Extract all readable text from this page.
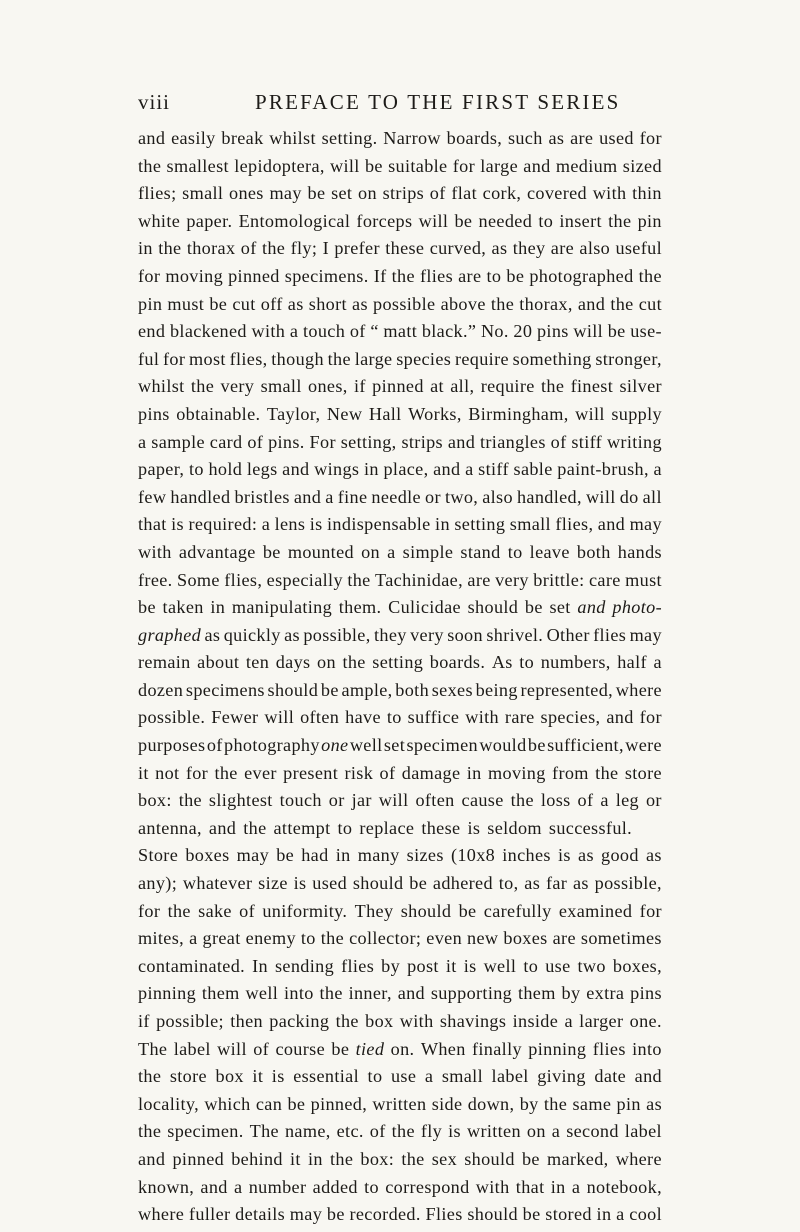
viii	PREFACE TO THE FIRST SERIES
and easily break whilst setting. Narrow boards, such as are used for
the smallest lepidoptera, will be suitable for large and medium sized
flies; small ones may be set on strips of flat cork, covered with thin
white paper. Entomological forceps will be needed to insert the pin
in the thorax of the fly; I prefer these curved, as they are also useful
for moving pinned specimens. If the flies are to be photographed the
pin must be cut off as short as possible above the thorax, and the cut
end blackened with a touch of “ matt black.” No. 20 pins will be use-
ful for most flies, though the large species require something stronger,
whilst the very small ones, if pinned at all, require the finest silver
pins obtainable. Taylor, New Hall Works, Birmingham, will supply
a sample card of pins. For setting, strips and triangles of stiff writing
paper, to hold legs and wings in place, and a stiff sable paint-brush, a
few handled bristles and a fine needle or two, also handled, will do all
that is required: a lens is indispensable in setting small flies, and may
with advantage be mounted on a simple stand to leave both hands
free. Some flies, especially the Tachinidae, are very brittle: care must
be taken in manipulating them. Culicidae should be set and photo-
graphed as quickly as possible, they very soon shrivel. Other flies may
remain about ten days on the setting boards. As to numbers, half a
dozen specimens should be ample, both sexes being represented, where
possible. Fewer will often have to suffice with rare species, and for
purposes of photography one well set specimen would be sufficient, were
it not for the ever present risk of damage in moving from the store
box: the slightest touch or jar will often cause the loss of a leg or
antenna, and the attempt to replace these is seldom successful.
Store boxes may be had in many sizes (10x8 inches is as good as
any); whatever size is used should be adhered to, as far as possible,
for the sake of uniformity. They should be carefully examined for
mites, a great enemy to the collector; even new boxes are sometimes
contaminated. In sending flies by post it is well to use two boxes,
pinning them well into the inner, and supporting them by extra pins
if possible; then packing the box with shavings inside a larger one.
The label will of course be tied on. When finally pinning flies into
the store box it is essential to use a small label giving date and
locality, which can be pinned, written side down, by the same pin as
the specimen. The name, etc. of the fly is written on a second label
and pinned behind it in the box: the sex should be marked, where
known, and a number added to correspond with that in a notebook,
where fuller details may be recorded. Flies should be stored in a cool
